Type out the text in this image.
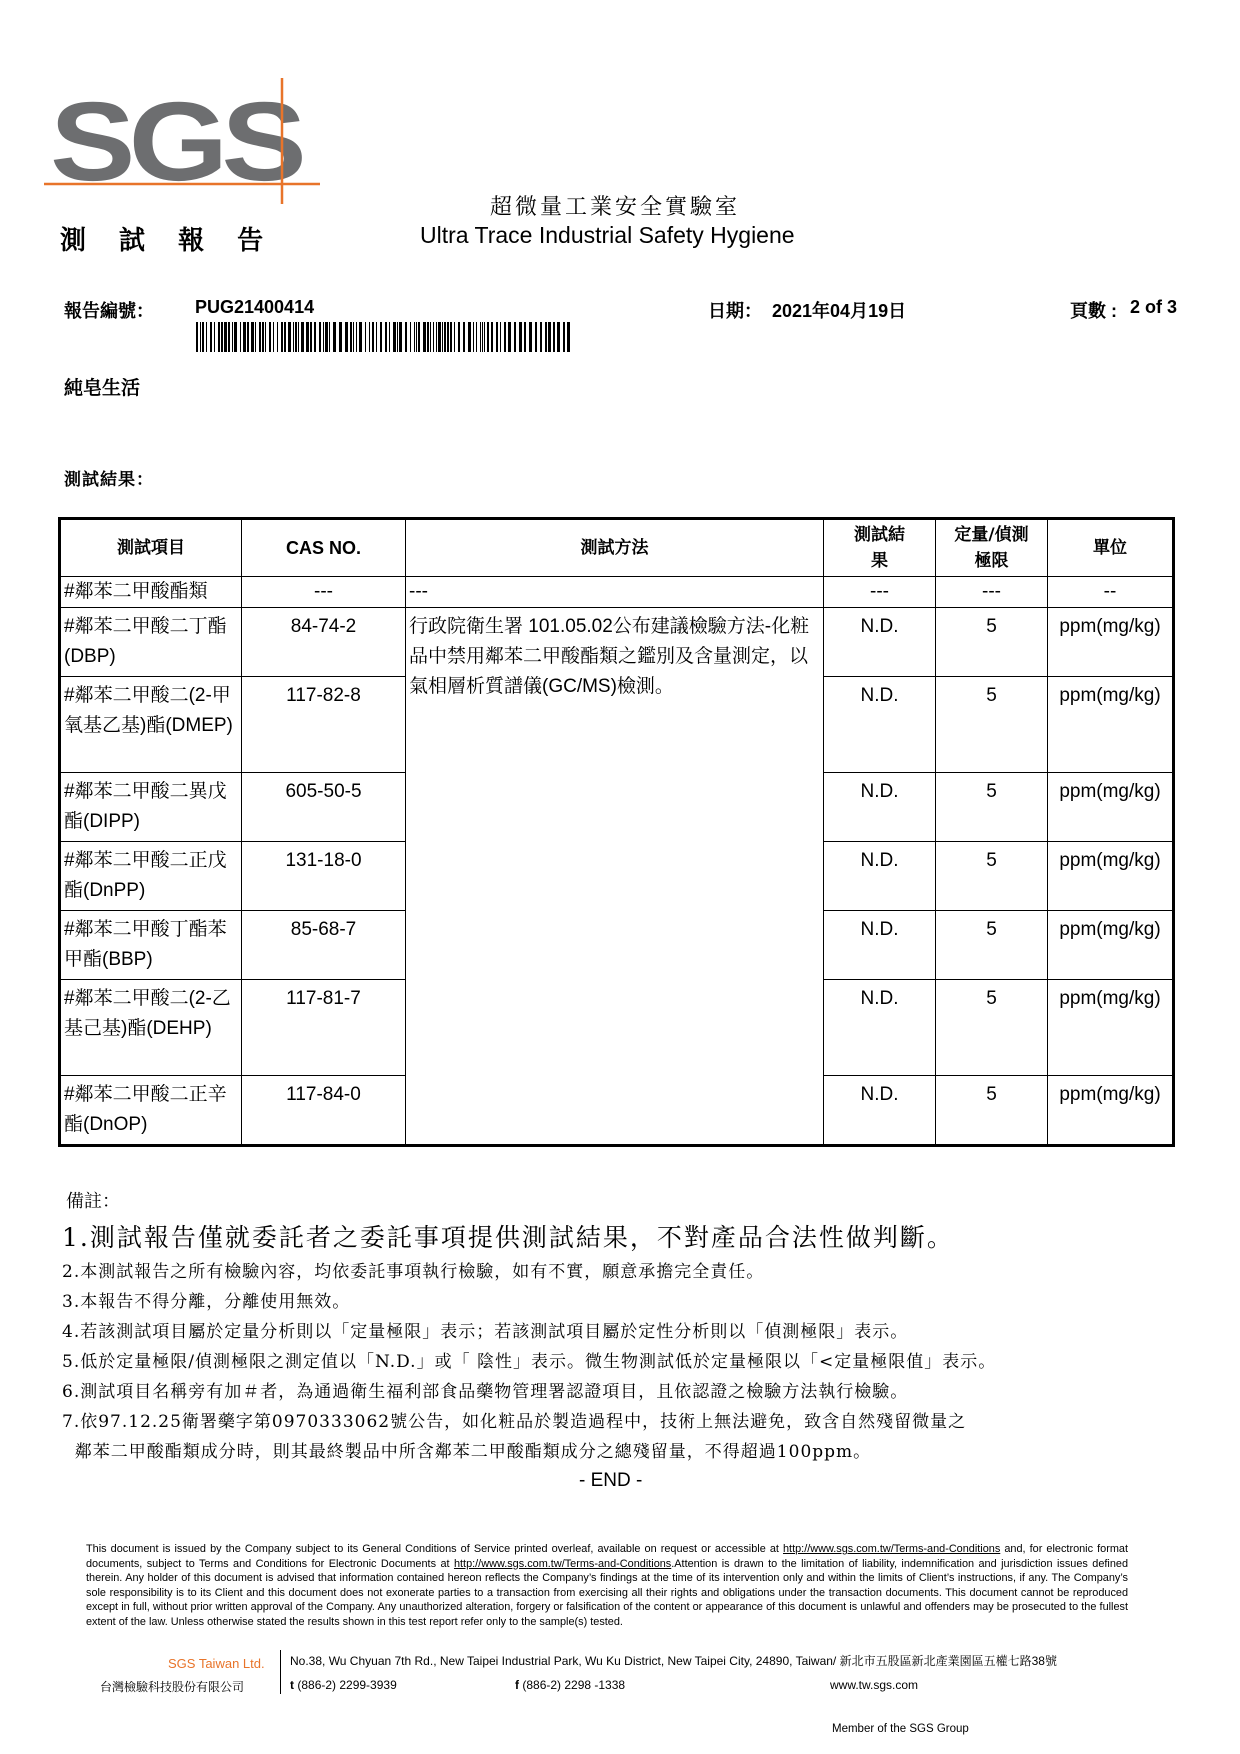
SGS
測 試 報 告
超微量工業安全實驗室
Ultra Trace Industrial Safety Hygiene
報告編號： PUG21400414	日期： 2021年04月19日	頁數 : 2 of 3
純皂生活
測試結果：
測試項目	CAS NO.	測試方法	測試結果	定量/偵測極限	單位
#鄰苯二甲酸酯類	---	---	---	---	--
#鄰苯二甲酸二丁酯(DBP)	84-74-2	行政院衛生署 101.05.02公布建議檢驗方法-化粧品中禁用鄰苯二甲酸酯類之鑑別及含量測定，以氣相層析質譜儀(GC/MS)檢測。	N.D.	5	ppm(mg/kg)
#鄰苯二甲酸二(2-甲氧基乙基)酯(DMEP)	117-82-8		N.D.	5	ppm(mg/kg)
#鄰苯二甲酸二異戊酯(DIPP)	605-50-5		N.D.	5	ppm(mg/kg)
#鄰苯二甲酸二正戊酯(DnPP)	131-18-0		N.D.	5	ppm(mg/kg)
#鄰苯二甲酸丁酯苯甲酯(BBP)	85-68-7		N.D.	5	ppm(mg/kg)
#鄰苯二甲酸二(2-乙基己基)酯(DEHP)	117-81-7		N.D.	5	ppm(mg/kg)
#鄰苯二甲酸二正辛酯(DnOP)	117-84-0		N.D.	5	ppm(mg/kg)
備註：
1.測試報告僅就委託者之委託事項提供測試結果，不對產品合法性做判斷。
2.本測試報告之所有檢驗內容，均依委託事項執行檢驗，如有不實，願意承擔完全責任。
3.本報告不得分離，分離使用無效。
4.若該測試項目屬於定量分析則以「定量極限」表示；若該測試項目屬於定性分析則以「偵測極限」表示。
5.低於定量極限/偵測極限之測定值以「N.D.」或「 陰性」表示。微生物測試低於定量極限以「<定量極限值」表示。
6.測試項目名稱旁有加＃者，為通過衛生福利部食品藥物管理署認證項目，且依認證之檢驗方法執行檢驗。
7.依97.12.25衛署藥字第0970333062號公告，如化粧品於製造過程中，技術上無法避免，致含自然殘留微量之
鄰苯二甲酸酯類成分時，則其最終製品中所含鄰苯二甲酸酯類成分之總殘留量，不得超過100ppm。
- END -
This document is issued by the Company subject to its General Conditions of Service printed overleaf, available on request or accessible at http://www.sgs.com.tw/Terms-and-Conditions and, for electronic format documents, subject to Terms and Conditions for Electronic Documents at http://www.sgs.com.tw/Terms-and-Conditions.Attention is drawn to the limitation of liability, indemnification and jurisdiction issues defined therein. Any holder of this document is advised that information contained hereon reflects the Company’s findings at the time of its intervention only and within the limits of Client’s instructions, if any. The Company’s sole responsibility is to its Client and this document does not exonerate parties to a transaction from exercising all their rights and obligations under the transaction documents. This document cannot be reproduced except in full, without prior written approval of the Company. Any unauthorized alteration, forgery or falsification of the content or appearance of this document is unlawful and offenders may be prosecuted to the fullest extent of the law. Unless otherwise stated the results shown in this test report refer only to the sample(s) tested.
SGS Taiwan Ltd.
台灣檢驗科技股份有限公司
No.38, Wu Chyuan 7th Rd., New Taipei Industrial Park, Wu Ku District, New Taipei City, 24890, Taiwan/ 新北市五股區新北產業園區五權七路38號
t (886-2) 2299-3939	f (886-2) 2298 -1338	www.tw.sgs.com
Member of the SGS Group
